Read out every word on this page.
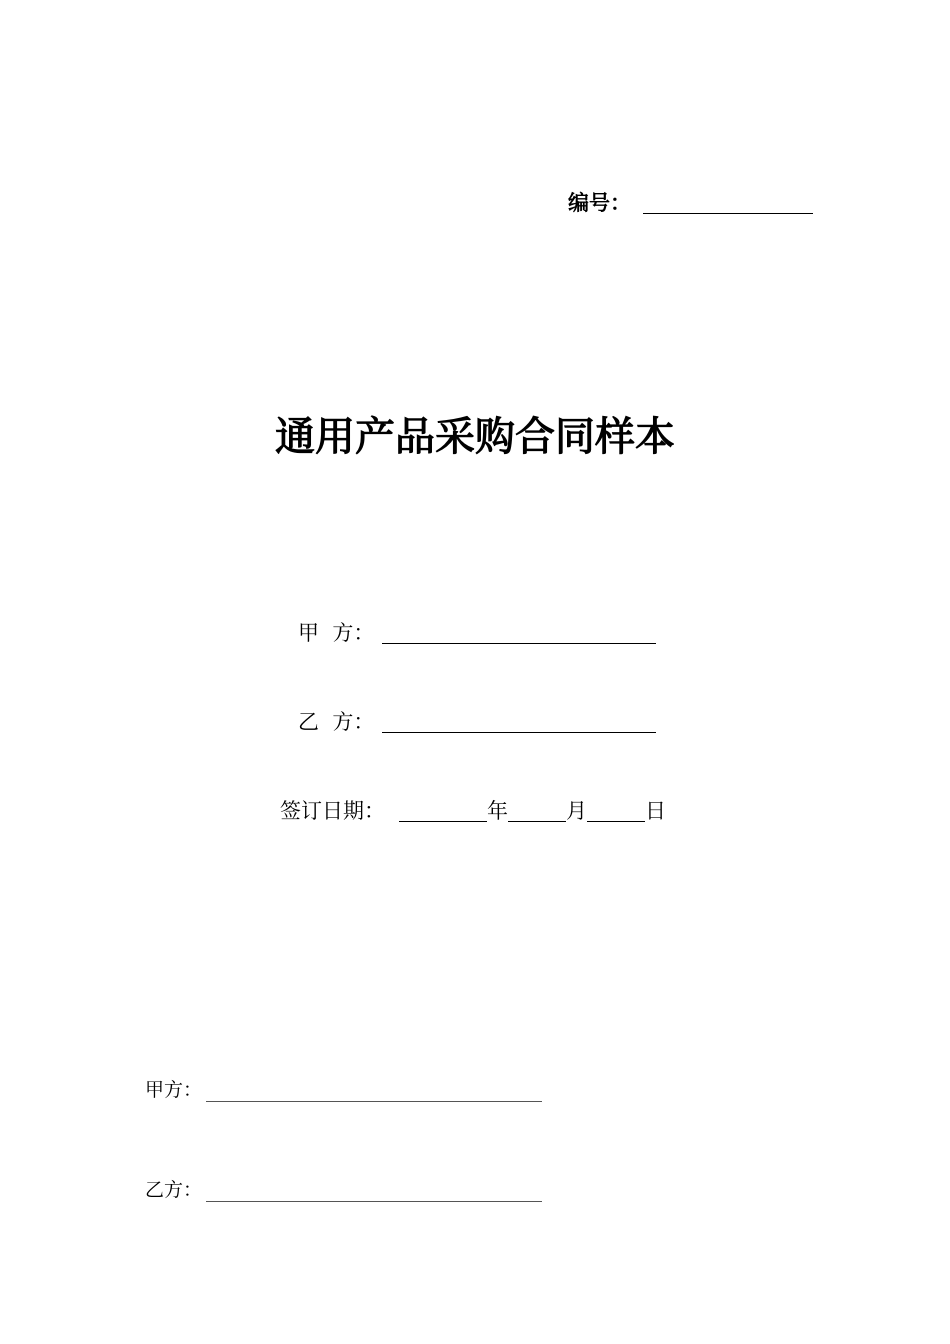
编号：
通用产品采购合同样本
甲  方：
乙  方：
签订日期：	年	月	日
甲方：
乙方：
